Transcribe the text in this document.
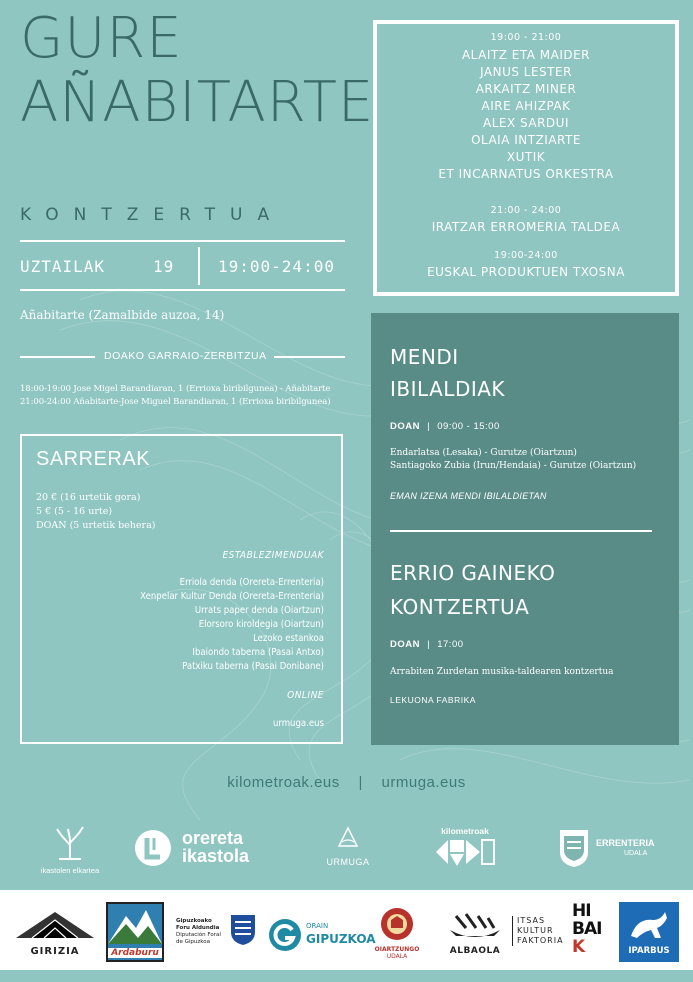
GURE
AÑABITARTE
KONTZERTUA
UZTAILAK	19	19:00-24:00
Añabitarte (Zamalbide auzoa, 14)
DOAKO GARRAIO-ZERBITZUA
18:00-19:00 Jose Migel Barandiaran, 1 (Errioxa biribilgunea) - Añabitarte
21:00-24:00 Añabitarte-Jose Miguel Barandiaran, 1 (Errioxa biribilgunea)
SARRERAK
20 € (16 urtetik gora)
5 € (5 - 16 urte)
DOAN (5 urtetik behera)
ESTABLEZIMENDUAK
Erriola denda (Orereta-Errenteria)
Xenpelar Kultur Denda (Orereta-Errenteria)
Urrats paper denda (Oiartzun)
Elorsoro kiroldegia (Oiartzun)
Lezoko estankoa
Ibaiondo taberna (Pasai Antxo)
Patxiku taberna (Pasai Donibane)
ONLINE
urmuga.eus
19:00 - 21:00
ALAITZ ETA MAIDER
JANUS LESTER
ARKAITZ MINER
AIRE AHIZPAK
ALEX SARDUI
OLAIA INTZIARTE
XUTIK
ET INCARNATUS ORKESTRA
21:00 - 24:00
IRATZAR ERROMERIA TALDEA
19:00-24:00
EUSKAL PRODUKTUEN TXOSNA
MENDI
IBILALDIAK
DOAN | 09:00 - 15:00
Endarlatsa (Lesaka) - Gurutze (Oiartzun)
Santiagoko Zubia (Irun/Hendaia) - Gurutze (Oiartzun)
EMAN IZENA MENDI IBILALDIETAN
ERRIO GAINEKO
KONTZERTUA
DOAN | 17:00
Arrabiten Zurdetan musika-taldearen kontzertua
LEKUONA FABRIKA
kilometroak.eus | urmuga.eus
ikastolen elkartea
orereta
ikastola	URMUGA
kilometroak
ERRENTERIA
UDALA
GIRIZIA	Ardaburu
Gipuzkoako
Foru Aldundia
Diputación Foral
de Gipuzkoa
ORAIN
GIPUZKOA
OIARTZUNGO
UDALA
ALBAOLA
ITSAS
KULTUR
FAKTORIA
HI
BAI
K	IPARBUS
